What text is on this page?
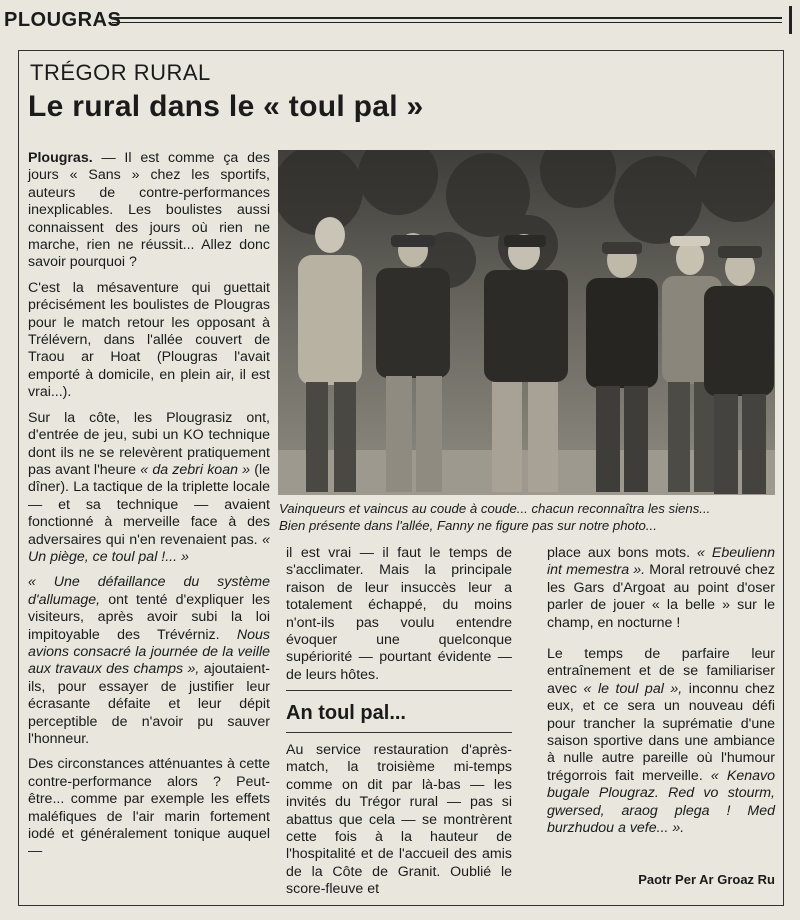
PLOUGRAS
TRÉGOR RURAL
Le rural dans le « toul pal »

Plougras. — Il est comme ça des jours « Sans » chez les sportifs, auteurs de contre-performances inexplicables. Les boulistes aussi connaissent des jours où rien ne marche, rien ne réussit... Allez donc savoir pourquoi ?

C'est la mésaventure qui guettait précisément les boulistes de Plougras pour le match retour les opposant à Trélévern, dans l'allée couvert de Traou ar Hoat (Plougras l'avait emporté à domicile, en plein air, il est vrai...).

Sur la côte, les Plougrasiz ont, d'entrée de jeu, subi un KO technique dont ils ne se relevèrent pratiquement pas avant l'heure « da zebri koan » (le dîner). La tactique de la triplette locale — et sa technique — avaient fonctionné à merveille face à des adversaires qui n'en revenaient pas. « Un piège, ce toul pal !... »

« Une défaillance du système d'allumage, ont tenté d'expliquer les visiteurs, après avoir subi la loi impitoyable des Trévérniz. Nous avions consacré la journée de la veille aux travaux des champs », ajoutaient-ils, pour essayer de justifier leur écrasante défaite et leur dépit perceptible de n'avoir pu sauver l'honneur.

Des circonstances atténuantes à cette contre-performance alors ? Peut-être... comme par exemple les effets maléfiques de l'air marin fortement iodé et généralement tonique auquel —

Vainqueurs et vaincus au coude à coude... chacun reconnaîtra les siens...
Bien présente dans l'allée, Fanny ne figure pas sur notre photo...

il est vrai — il faut le temps de s'acclimater. Mais la principale raison de leur insuccès leur a totalement échappé, du moins n'ont-ils pas voulu entendre évoquer une quelconque supériorité — pourtant évidente — de leurs hôtes.

An toul pal...

Au service restauration d'après-match, la troisième mi-temps comme on dit par là-bas — les invités du Trégor rural — pas si abattus que cela — se montrèrent cette fois à la hauteur de l'hospitalité et de l'accueil des amis de la Côte de Granit. Oublié le score-fleuve et

place aux bons mots. « Ebeulienn int memestra ». Moral retrouvé chez les Gars d'Argoat au point d'oser parler de jouer « la belle » sur le champ, en nocturne !

Le temps de parfaire leur entraînement et de se familiariser avec « le toul pal », inconnu chez eux, et ce sera un nouveau défi pour trancher la suprématie d'une saison sportive dans une ambiance à nulle autre pareille où l'humour trégorrois fait merveille. « Kenavo bugale Plougraz. Red vo stourm, gwersed, araog plega ! Med burzhudou a vefe... ».

Paotr Per Ar Groaz Ru
